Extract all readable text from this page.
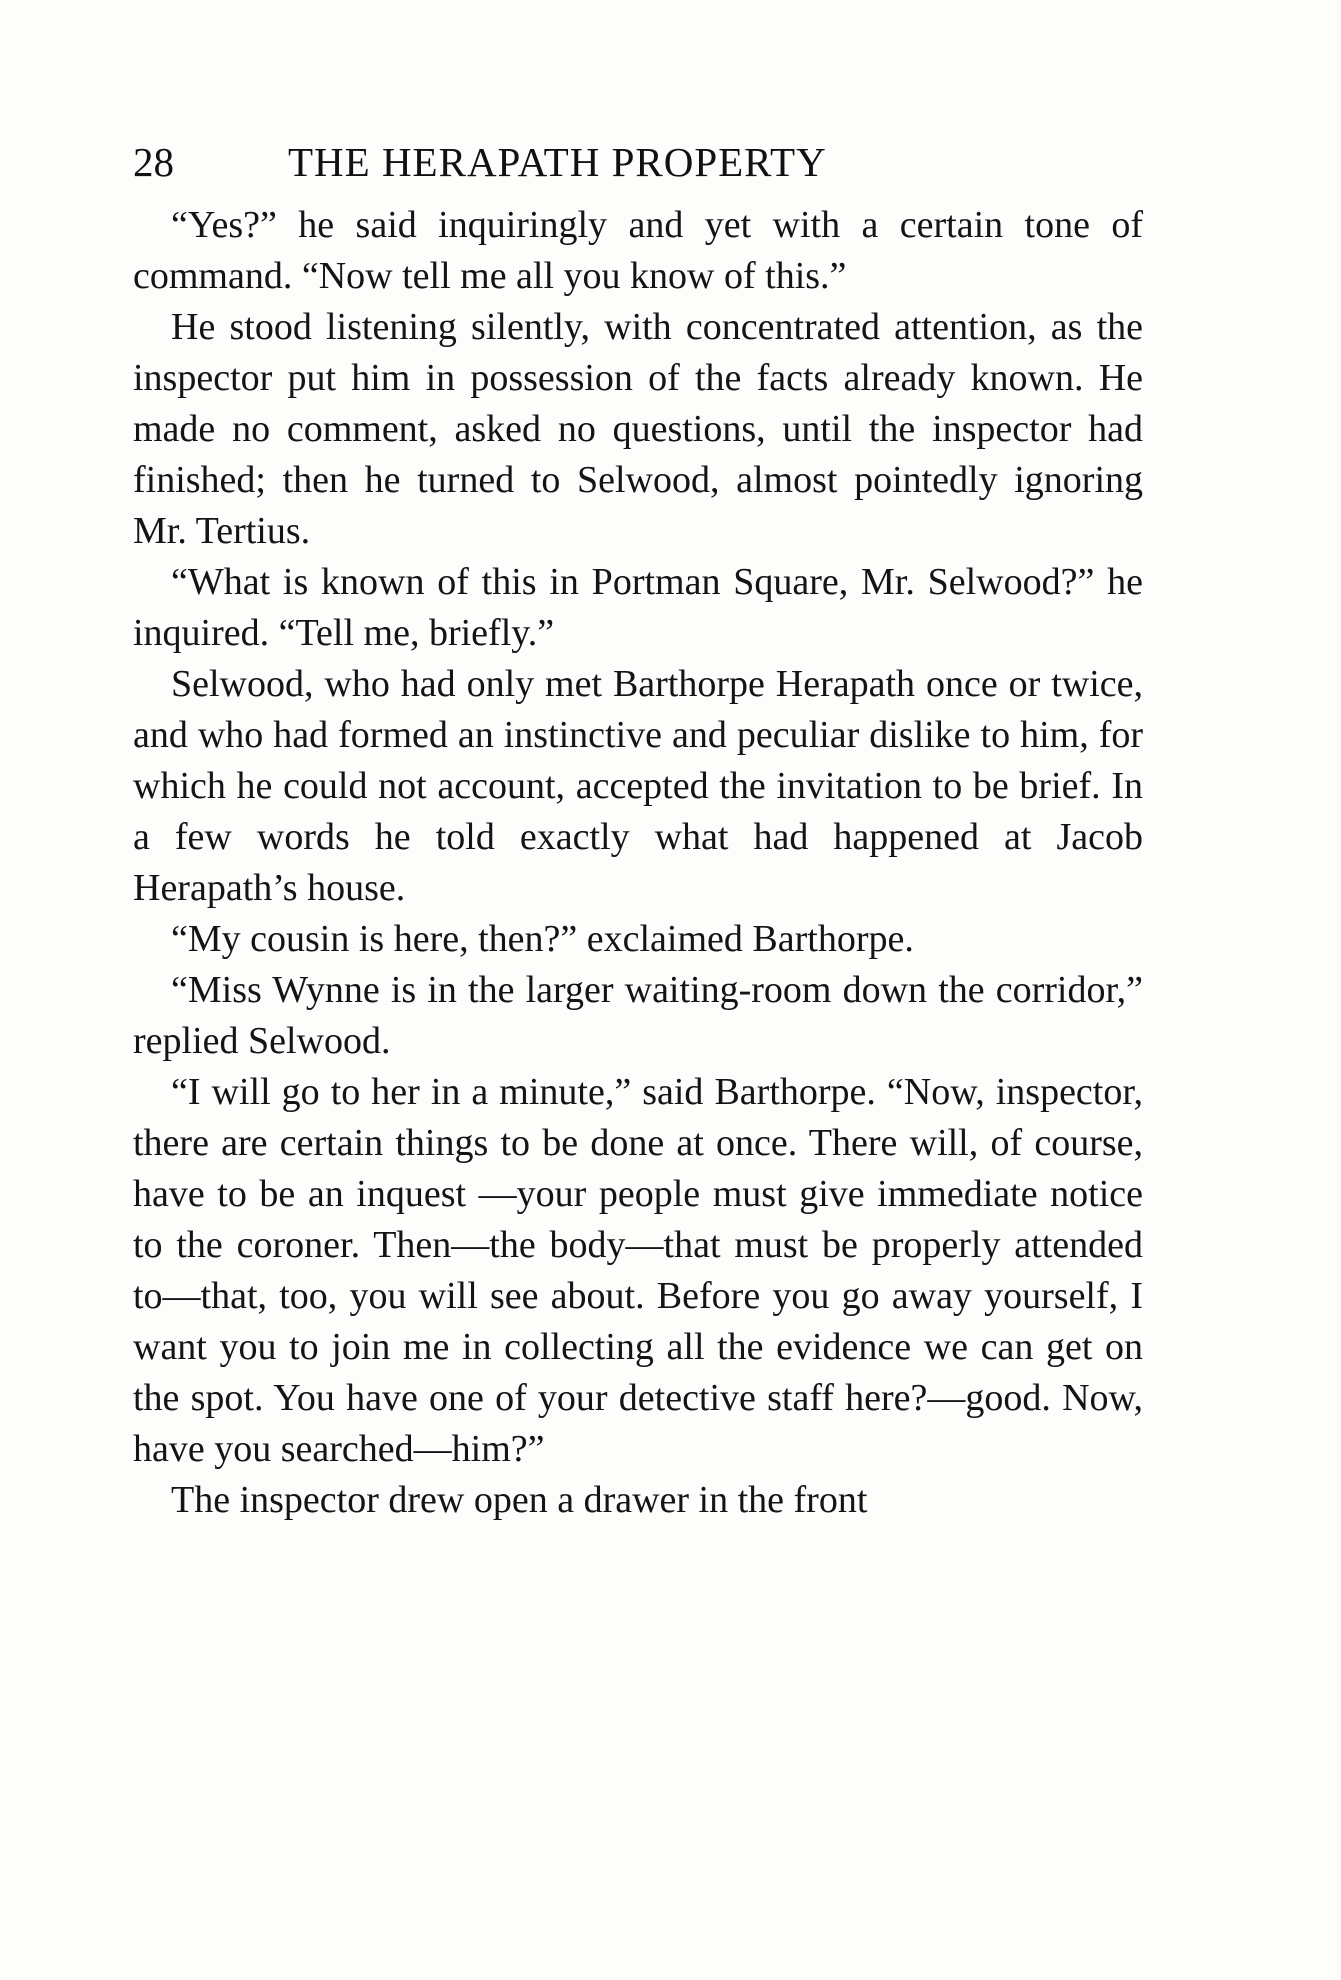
28	THE HERAPATH PROPERTY

“Yes?” he said inquiringly and yet with a certain tone of command. “Now tell me all you know of this.”

He stood listening silently, with concentrated attention, as the inspector put him in possession of the facts already known. He made no comment, asked no questions, until the inspector had finished; then he turned to Selwood, almost pointedly ignoring Mr. Tertius.

“What is known of this in Portman Square, Mr. Selwood?” he inquired. “Tell me, briefly.”

Selwood, who had only met Barthorpe Herapath once or twice, and who had formed an instinctive and peculiar dislike to him, for which he could not account, accepted the invitation to be brief. In a few words he told exactly what had happened at Jacob Herapath’s house.

“My cousin is here, then?” exclaimed Barthorpe.

“Miss Wynne is in the larger waiting-room down the corridor,” replied Selwood.

“I will go to her in a minute,” said Barthorpe. “Now, inspector, there are certain things to be done at once. There will, of course, have to be an inquest —your people must give immediate notice to the coroner. Then—the body—that must be properly attended to—that, too, you will see about. Before you go away yourself, I want you to join me in collecting all the evidence we can get on the spot. You have one of your detective staff here?—good. Now, have you searched—him?”

The inspector drew open a drawer in the front
